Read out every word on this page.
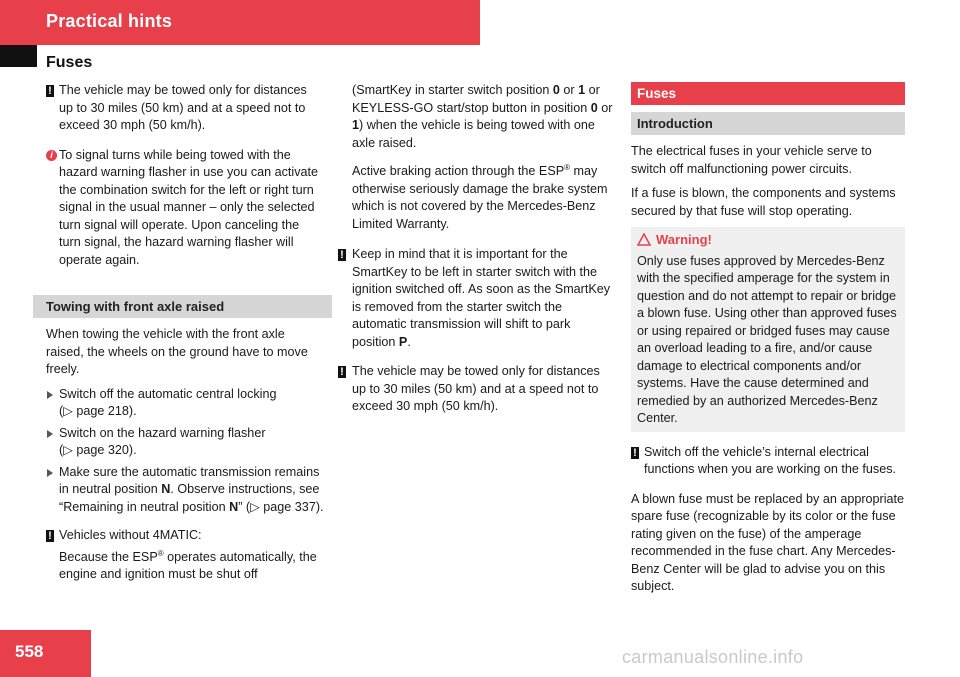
Practical hints
Fuses
! The vehicle may be towed only for distances up to 30 miles (50 km) and at a speed not to exceed 30 mph (50 km/h).
i To signal turns while being towed with the hazard warning flasher in use you can activate the combination switch for the left or right turn signal in the usual manner – only the selected turn signal will operate. Upon canceling the turn signal, the hazard warning flasher will operate again.
Towing with front axle raised

When towing the vehicle with the front axle raised, the wheels on the ground have to move freely.

Switch off the automatic central locking
(▷ page 218).
Switch on the hazard warning flasher
(▷ page 320).
Make sure the automatic transmission remains in neutral position N. Observe instructions, see “Remaining in neutral position N” (▷ page 337).
! Vehicles without 4MATIC:
Because the ESP® operates automatically, the engine and ignition must be shut off

(SmartKey in starter switch position 0 or 1 or KEYLESS-GO start/stop button in position 0 or 1) when the vehicle is being towed with one axle raised.

Active braking action through the ESP® may otherwise seriously damage the brake system which is not covered by the Mercedes-Benz Limited Warranty.

! Keep in mind that it is important for the SmartKey to be left in starter switch with the ignition switched off. As soon as the SmartKey is removed from the starter switch the automatic transmission will shift to park position P.
! The vehicle may be towed only for distances up to 30 miles (50 km) and at a speed not to exceed 30 mph (50 km/h).
Fuses
Introduction

The electrical fuses in your vehicle serve to switch off malfunctioning power circuits.

If a fuse is blown, the components and systems secured by that fuse will stop operating.

Warning!

Only use fuses approved by Mercedes-Benz with the specified amperage for the system in question and do not attempt to repair or bridge a blown fuse. Using other than approved fuses or using repaired or bridged fuses may cause an overload leading to a fire, and/or cause damage to electrical components and/or systems. Have the cause determined and remedied by an authorized Mercedes-Benz Center.

! Switch off the vehicle’s internal electrical functions when you are working on the fuses.

A blown fuse must be replaced by an appropriate spare fuse (recognizable by its color or the fuse rating given on the fuse) of the amperage recommended in the fuse chart. Any Mercedes-Benz Center will be glad to advise you on this subject.

558	carmanualsonline.info
